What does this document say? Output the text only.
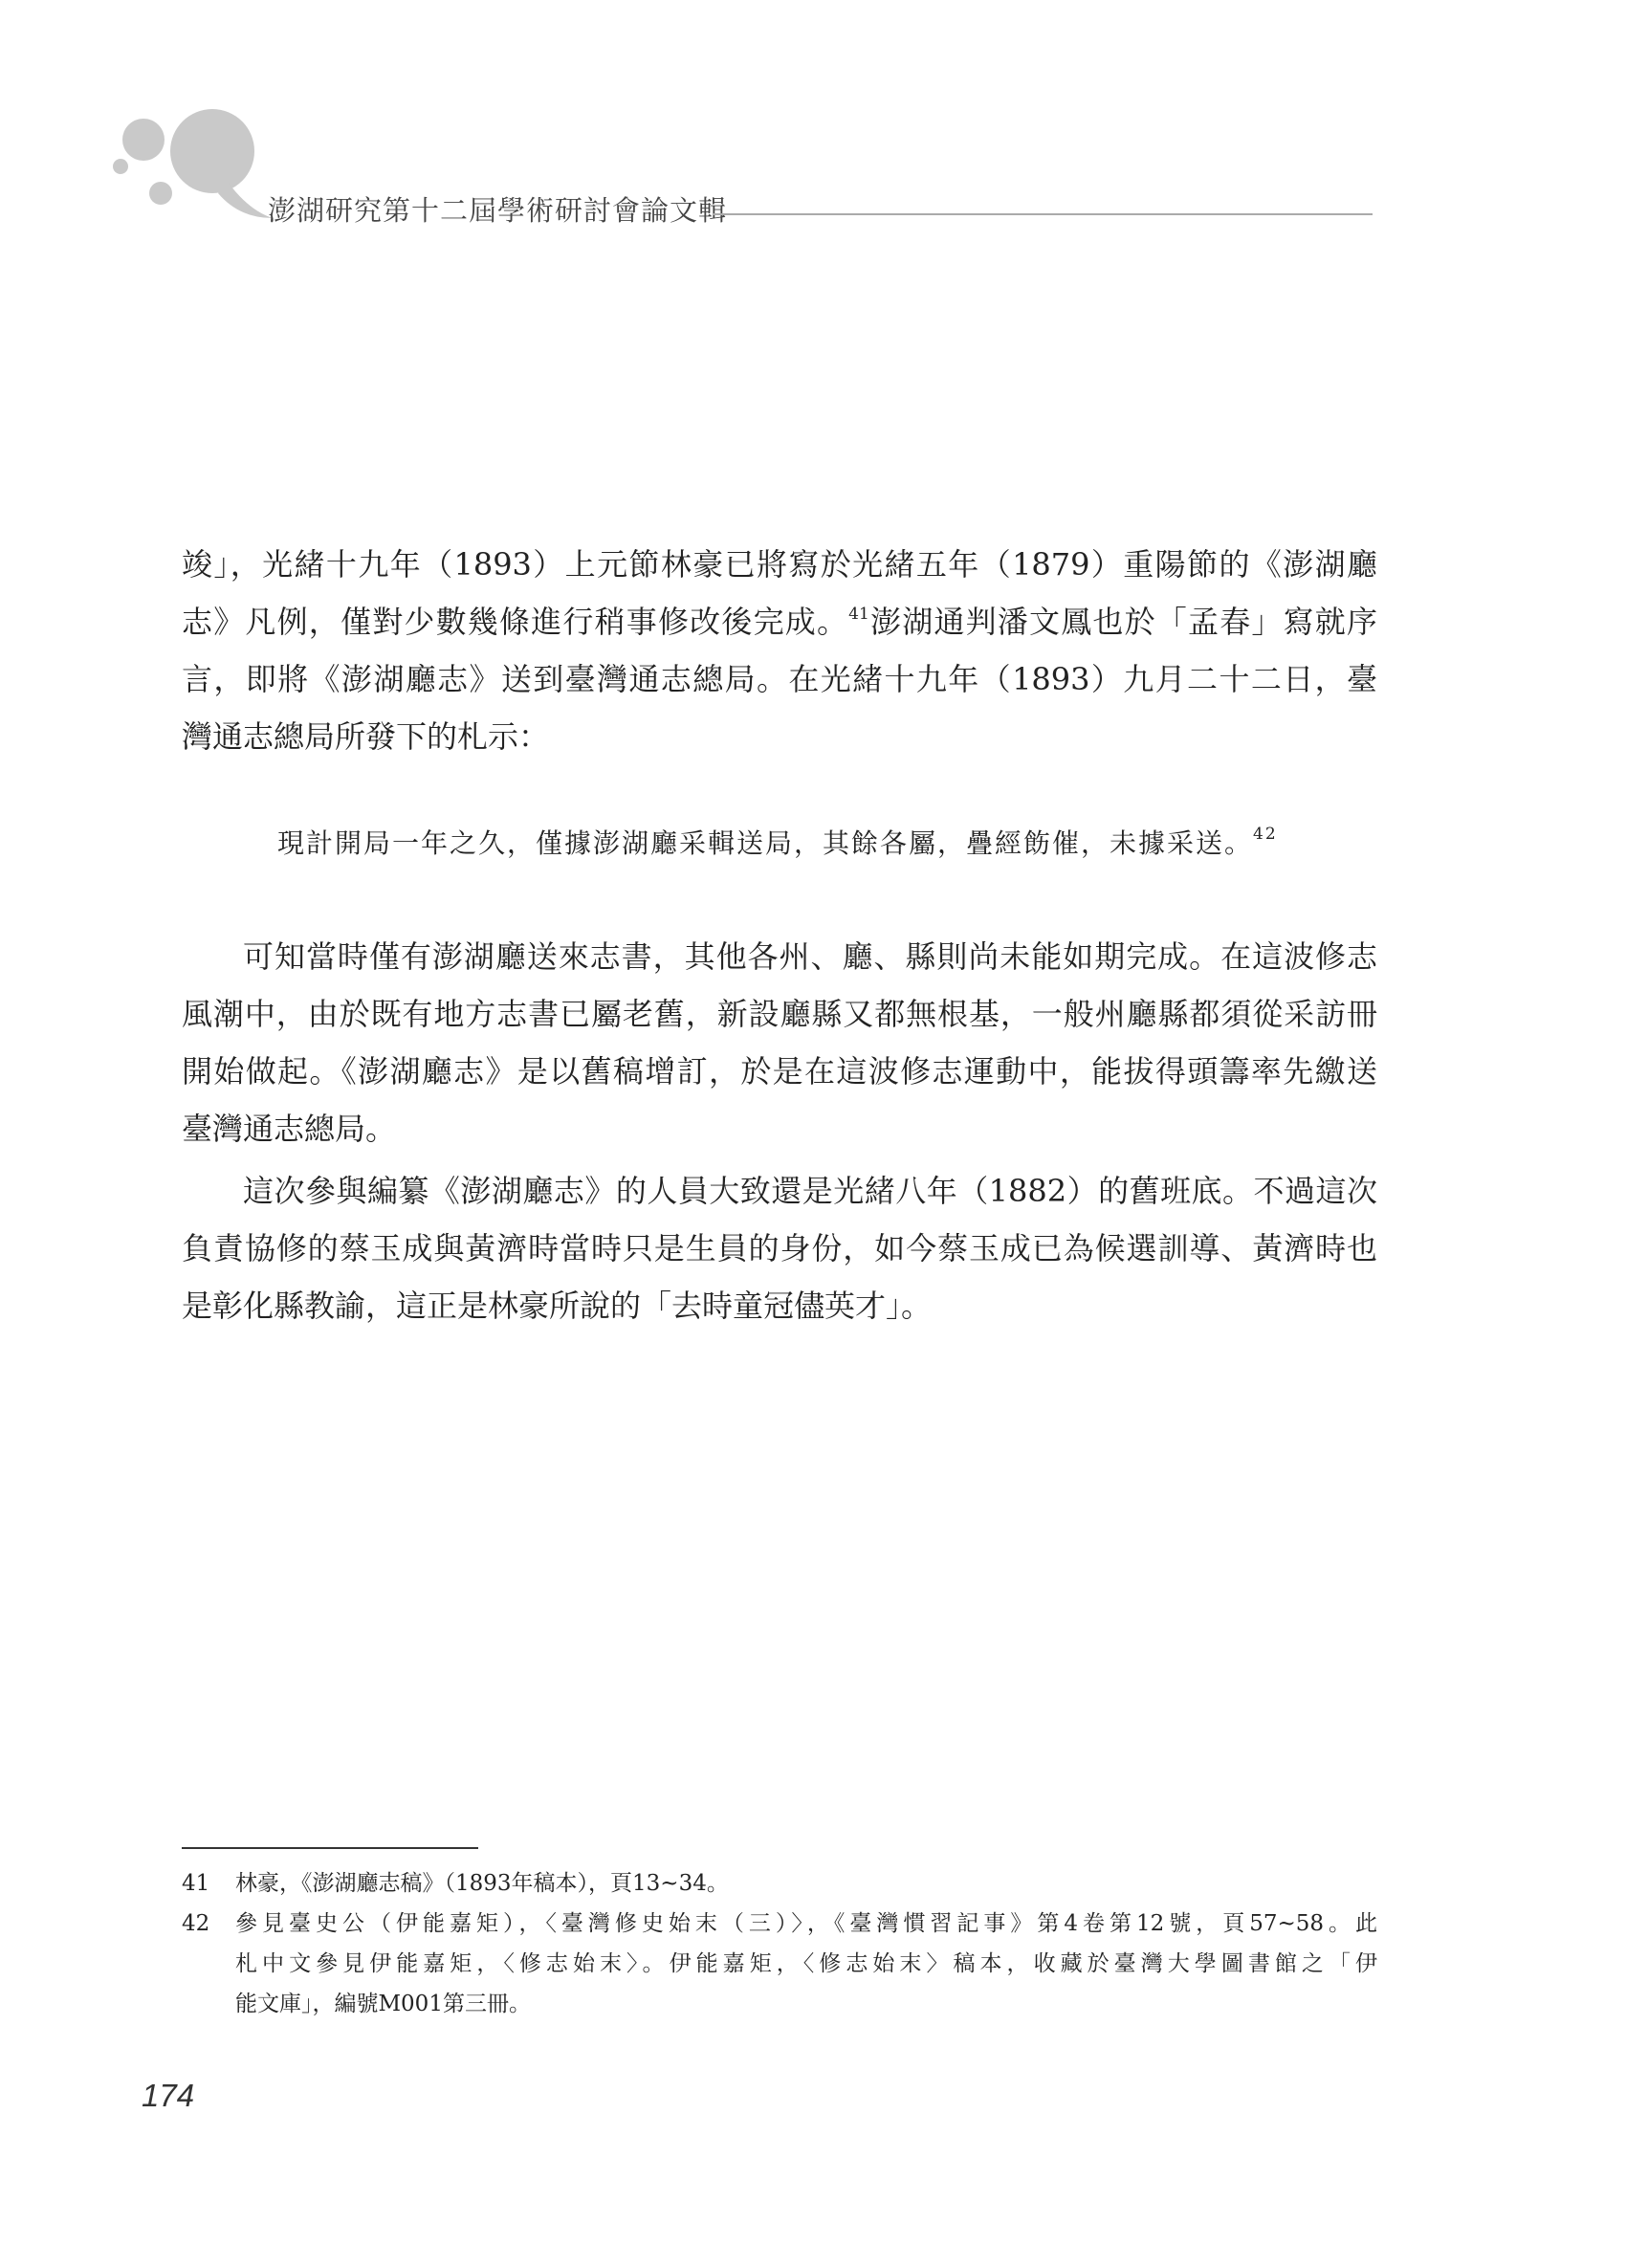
澎湖研究第十二屆學術研討會論文輯
竣」，光緒十九年（1893）上元節林豪已將寫於光緒五年（1879）重陽節的《澎湖廳
志》凡例，僅對少數幾條進行稍事修改後完成。$^{41}$澎湖通判潘文鳳也於「孟春」寫就序
言，即將《澎湖廳志》送到臺灣通志總局。在光緒十九年（1893）九月二十二日，臺
灣通志總局所發下的札示：
現計開局一年之久，僅據澎湖廳采輯送局，其餘各屬，疊經飭催，未據采送。$^{42}$
可知當時僅有澎湖廳送來志書，其他各州、廳、縣則尚未能如期完成。在這波修志
風潮中，由於既有地方志書已屬老舊，新設廳縣又都無根基，一般州廳縣都須從采訪冊
開始做起。《澎湖廳志》是以舊稿增訂，於是在這波修志運動中，能拔得頭籌率先繳送
臺灣通志總局。
這次參與編纂《澎湖廳志》的人員大致還是光緒八年（1882）的舊班底。不過這次
負責協修的蔡玉成與黃濟時當時只是生員的身份，如今蔡玉成已為候選訓導、黃濟時也
是彰化縣教諭，這正是林豪所說的「去時童冠儘英才」。
41	林豪，《澎湖廳志稿》（1893年稿本），頁13~34。
42	參見臺史公（伊能嘉矩），〈臺灣修史始末（三）〉，《臺灣慣習記事》第4卷第12號，頁57~58。此
札中文參見伊能嘉矩，〈修志始末〉。伊能嘉矩，〈修志始末〉稿本，收藏於臺灣大學圖書館之「伊
能文庫」，編號M001第三冊。
174
